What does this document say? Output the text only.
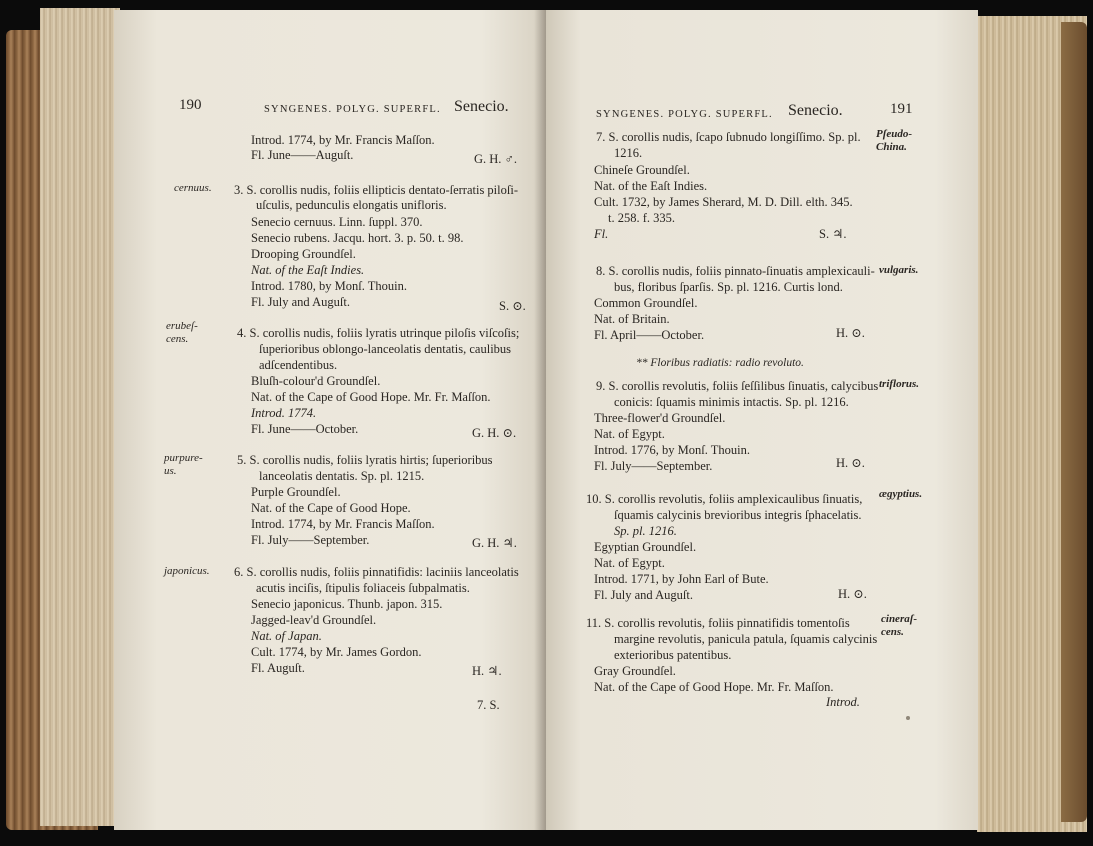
190	SYNGENES. POLYG. SUPERFL. Senecio.
Introd. 1774, by Mr. Francis Maſſon.
Fl. June——Auguſt.	G. H. ♂.
cernuus. 3. S. corollis nudis, foliis ellipticis dentato-ſerratis piloſi-
uſculis, pedunculis elongatis unifloris.
Senecio cernuus. Linn. ſuppl. 370.
Senecio rubens. Jacqu. hort. 3. p. 50. t. 98.
Drooping Groundſel.
Nat. of the Eaſt Indies.
Introd. 1780, by Monſ. Thouin.
Fl. July and Auguſt.	S. ⊙.
erubeſ-
cens.	4. S. corollis nudis, foliis lyratis utrinque piloſis viſcoſis;
ſuperioribus oblongo-lanceolatis dentatis, caulibus
adſcendentibus.
Bluſh-colour'd Groundſel.
Nat. of the Cape of Good Hope. Mr. Fr. Maſſon.
Introd. 1774.
Fl. June——October.	G. H. ⊙.
purpure-
us.
5. S. corollis nudis, foliis lyratis hirtis; ſuperioribus
lanceolatis dentatis. Sp. pl. 1215.
Purple Groundſel.
Nat. of the Cape of Good Hope.
Introd. 1774, by Mr. Francis Maſſon.
Fl. July——September.	G. H. ♃.
japonicus. 6. S. corollis nudis, foliis pinnatifidis: laciniis lanceolatis
acutis inciſis, ſtipulis foliaceis ſubpalmatis.
Senecio japonicus. Thunb. japon. 315.
Jagged-leav'd Groundſel.
Nat. of Japan.
Cult. 1774, by Mr. James Gordon.
Fl. Auguſt.	H. ♃.
7. S.
SYNGENES. POLYG. SUPERFL. Senecio.	191
Pſeudo-
China.
7. S. corollis nudis, ſcapo ſubnudo longiſſimo. Sp. pl.
1216.
Chineſe Groundſel.
Nat. of the Eaſt Indies.
Cult. 1732, by James Sherard, M. D. Dill. elth. 345.
t. 258. f. 335.
Fl.	S. ♃.
vulgaris.
8. S. corollis nudis, foliis pinnato-ſinuatis amplexicauli-
bus, floribus ſparſis. Sp. pl. 1216. Curtis lond.
Common Groundſel.
Nat. of Britain.
Fl. April——October.	H. ⊙.
** Floribus radiatis: radio revoluto.
triflorus.
9. S. corollis revolutis, foliis ſeſſilibus ſinuatis, calycibus
conicis: ſquamis minimis intactis. Sp. pl. 1216.
Three-flower'd Groundſel.
Nat. of Egypt.
Introd. 1776, by Monſ. Thouin.
Fl. July——September.	H. ⊙.
ægyptius.
10. S. corollis revolutis, foliis amplexicaulibus ſinuatis,
ſquamis calycinis brevioribus integris ſphacelatis.
Sp. pl. 1216.
Egyptian Groundſel.
Nat. of Egypt.
Introd. 1771, by John Earl of Bute.
Fl. July and Auguſt.	H. ⊙.
cineraſ-
cens.
11. S. corollis revolutis, foliis pinnatifidis tomentoſis
margine revolutis, panicula patula, ſquamis calycinis
exterioribus patentibus.
Gray Groundſel.
Nat. of the Cape of Good Hope. Mr. Fr. Maſſon.
Introd.
